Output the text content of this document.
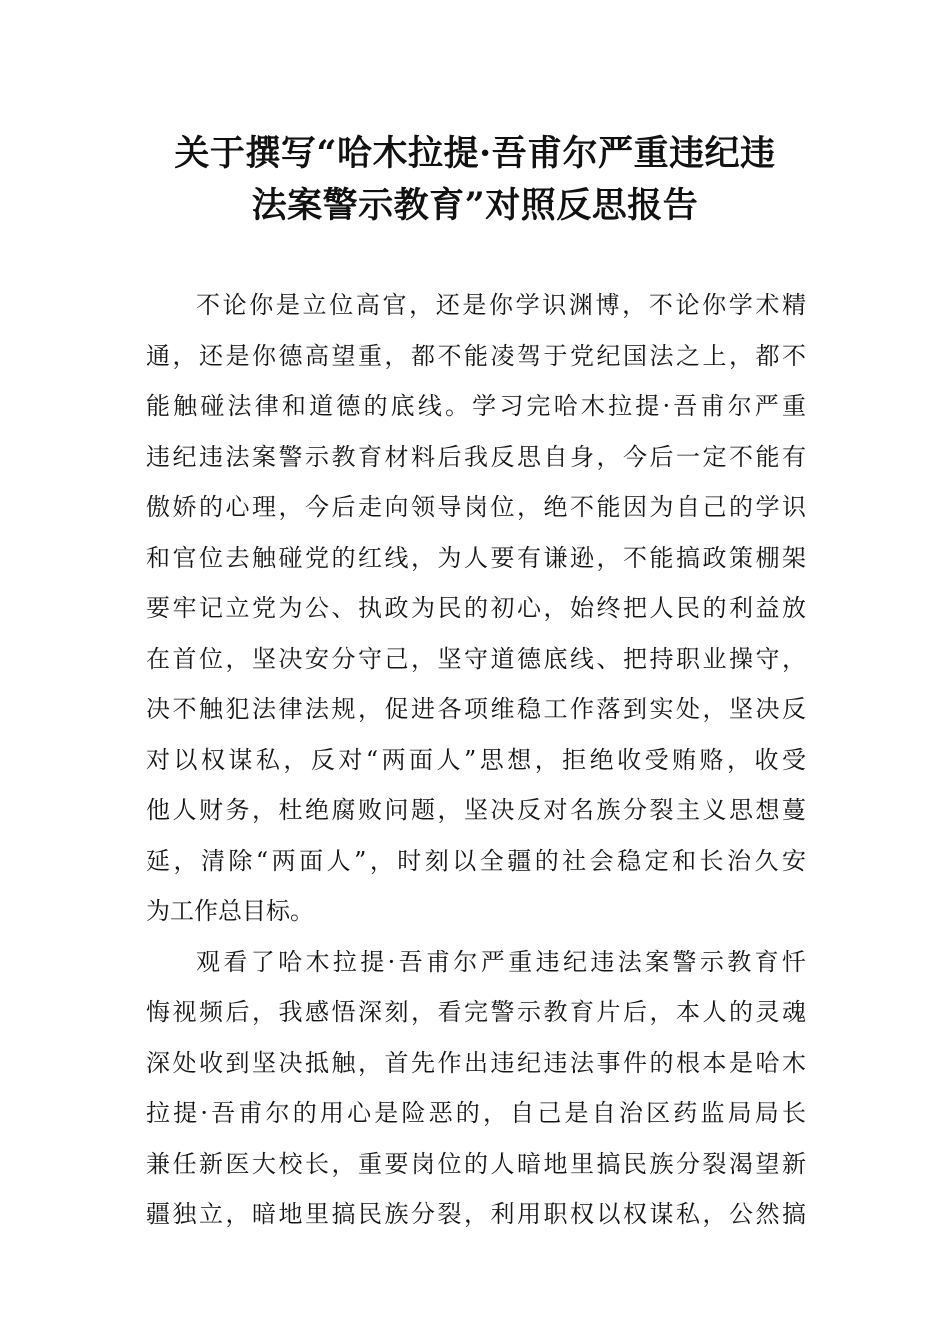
关于撰写“哈木拉提·吾甫尔严重违纪违
法案警示教育”对照反思报告

不论你是立位高官，还是你学识渊博，不论你学术精
通，还是你德高望重，都不能凌驾于党纪国法之上，都不
能触碰法律和道德的底线。学习完哈木拉提·吾甫尔严重
违纪违法案警示教育材料后我反思自身，今后一定不能有
傲娇的心理，今后走向领导岗位，绝不能因为自己的学识
和官位去触碰党的红线，为人要有谦逊，不能搞政策棚架
要牢记立党为公、执政为民的初心，始终把人民的利益放
在首位，坚决安分守己，坚守道德底线、把持职业操守，
决不触犯法律法规，促进各项维稳工作落到实处，坚决反
对以权谋私，反对“两面人”思想，拒绝收受贿赂，收受
他人财务，杜绝腐败问题，坚决反对名族分裂主义思想蔓
延，清除“两面人”，时刻以全疆的社会稳定和长治久安
为工作总目标。

观看了哈木拉提·吾甫尔严重违纪违法案警示教育忏
悔视频后，我感悟深刻，看完警示教育片后，本人的灵魂
深处收到坚决抵触，首先作出违纪违法事件的根本是哈木
拉提·吾甫尔的用心是险恶的，自己是自治区药监局局长
兼任新医大校长，重要岗位的人暗地里搞民族分裂渴望新
疆独立，暗地里搞民族分裂，利用职权以权谋私，公然搞
